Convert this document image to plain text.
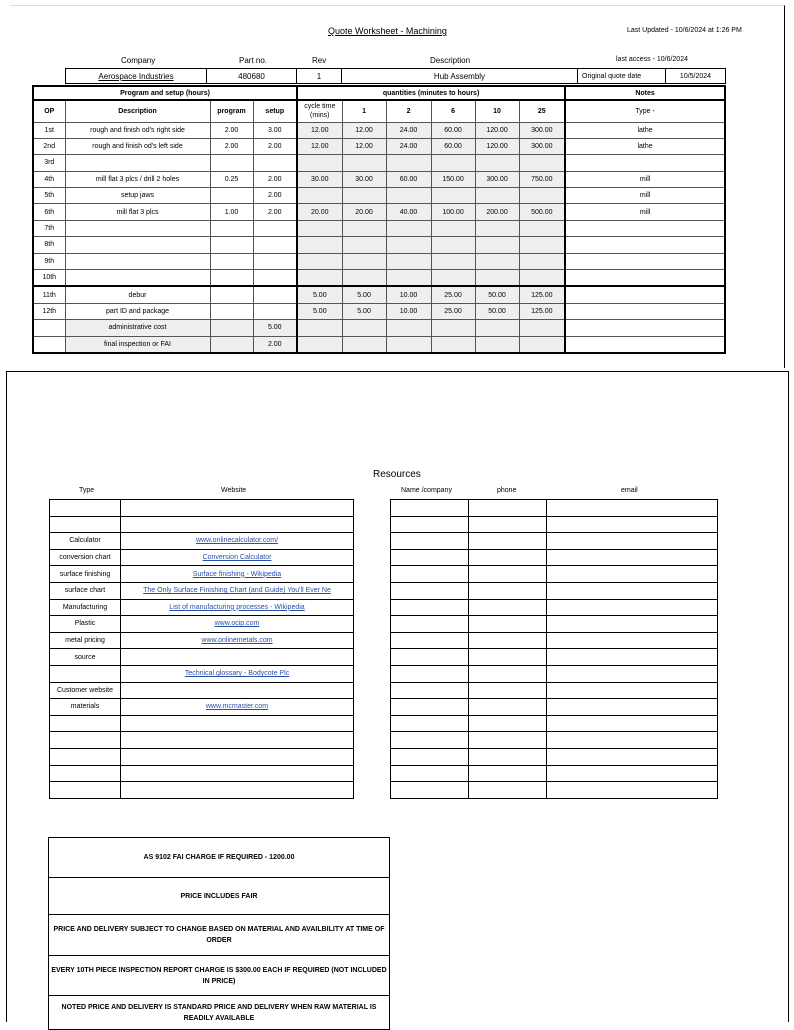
Quote Worksheet - Machining	Last Updated - 10/6/2024 at 1:26 PM
Company	Part no.	Rev	Description	last access - 10/6/2024
Aerospace Industries	480680	1	Hub Assembly	Original quote date	10/5/2024
Program and setup (hours)				quantities (minutes to hours)						Notes
OP	Description	program	setup	cycle time (mins)	1	2	6	10	25	Type -
1st	rough and finish od's right side	2.00	3.00	12.00	12.00	24.00	60.00	120.00	300.00	lathe
2nd	rough and finish od's left side	2.00	2.00	12.00	12.00	24.00	60.00	120.00	300.00	lathe
3rd										
4th	mill flat 3 plcs / drill 2 holes	0.25	2.00	30.00	30.00	60.00	150.00	300.00	750.00	mill
5th	setup jaws		2.00							mill
6th	mill flat 3 plcs	1.00	2.00	20.00	20.00	40.00	100.00	200.00	500.00	mill
7th										
8th										
9th										
10th										
11th	debur			5.00	5.00	10.00	25.00	50.00	125.00	
12th	part ID and package			5.00	5.00	10.00	25.00	50.00	125.00	
	administrative cost		5.00							
	final inspection or FAI		2.00							
Resources
Type	Website	Name /company	phone	email

Calculator	www.onlinecalculator.com/
conversion chart	Conversion Calculator
surface finishing	Surface finishing - Wikipedia
surface chart	The Only Surface Finishing Chart (and Guide) You'll Ever Ne
Manufacturing	List of manufacturing processes - Wikipedia
Plastic	www.ocip.com
metal pricing	www.onlinemetals.com
source	
	Technical glossary - Bodycote Plc
Customer website	
materials	www.mcmaster.com

AS 9102 FAI CHARGE IF REQUIRED - 1200.00
PRICE INCLUDES FAIR
PRICE AND DELIVERY SUBJECT TO CHANGE BASED ON MATERIAL AND AVAILBILITY AT TIME OF ORDER
EVERY 10TH PIECE INSPECTION REPORT CHARGE IS $300.00 EACH IF REQUIRED (NOT INCLUDED IN PRICE)
NOTED PRICE AND DELIVERY IS STANDARD PRICE AND DELIVERY WHEN RAW MATERIAL IS READILY AVAILABLE
